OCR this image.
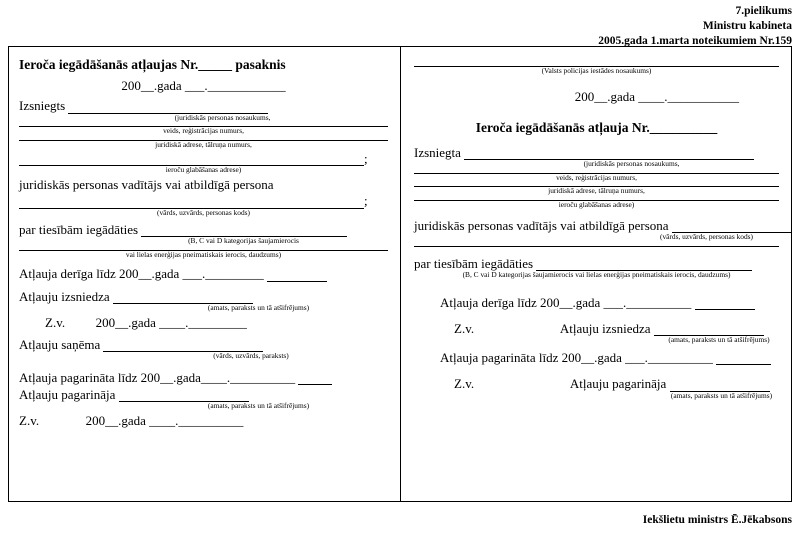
7.pielikums
Ministru kabineta
2005.gada 1.marta noteikumiem Nr.159
Ieroča iegādāšanās atļaujas Nr._____ pasaknis
200__.gada ___.____________
Izsniegts
(juridiskās personas nosaukums,
veids, reģistrācijas numurs,
juridiskā adrese, tālruņa numurs,
;
ieroču glabāšanas adrese)
juridiskās personas vadītājs vai atbildīgā persona
;
(vārds, uzvārds, personas kods)
par tiesībām iegādāties
(B, C vai D kategorijas šaujamierocis
vai lielas enerģijas pneimatiskais ierocis, daudzums)
Atļauja derīga līdz 200__.gada ___._________
Atļauju izsniedza
(amats, paraksts un tā atšifrējums)
Z.v. 200__.gada ____._________
Atļauju saņēma
(vārds, uzvārds, paraksts)
Atļauja pagarināta līdz 200__.gada____.__________
Atļauju pagarināja
(amats, paraksts un tā atšifrējums)
Z.v.	200__.gada ____.__________
(Valsts policijas iestādes nosaukums)
200__.gada ____.___________
Ieroča iegādāšanās atļauja Nr.__________
Izsniegta
(juridiskās personas nosaukums,
veids, reģistrācijas numurs,
juridiskā adrese, tālruņa numurs,
ieroču glabāšanas adrese)
juridiskās personas vadītājs vai atbildīgā persona
(vārds, uzvārds, personas kods)
par tiesībām iegādāties
(B, C vai D kategorijas šaujamierocis vai lielas enerģijas pneimatiskais ierocis, daudzums)
Atļauja derīga līdz 200__.gada ___.__________
Z.v.	Atļauju izsniedza
(amats, paraksts un tā atšifrējums)
Atļauja pagarināta līdz 200__.gada ___.__________
Z.v.	Atļauju pagarināja
(amats, paraksts un tā atšifrējums)
Iekšlietu ministrs Ē.Jēkabsons
